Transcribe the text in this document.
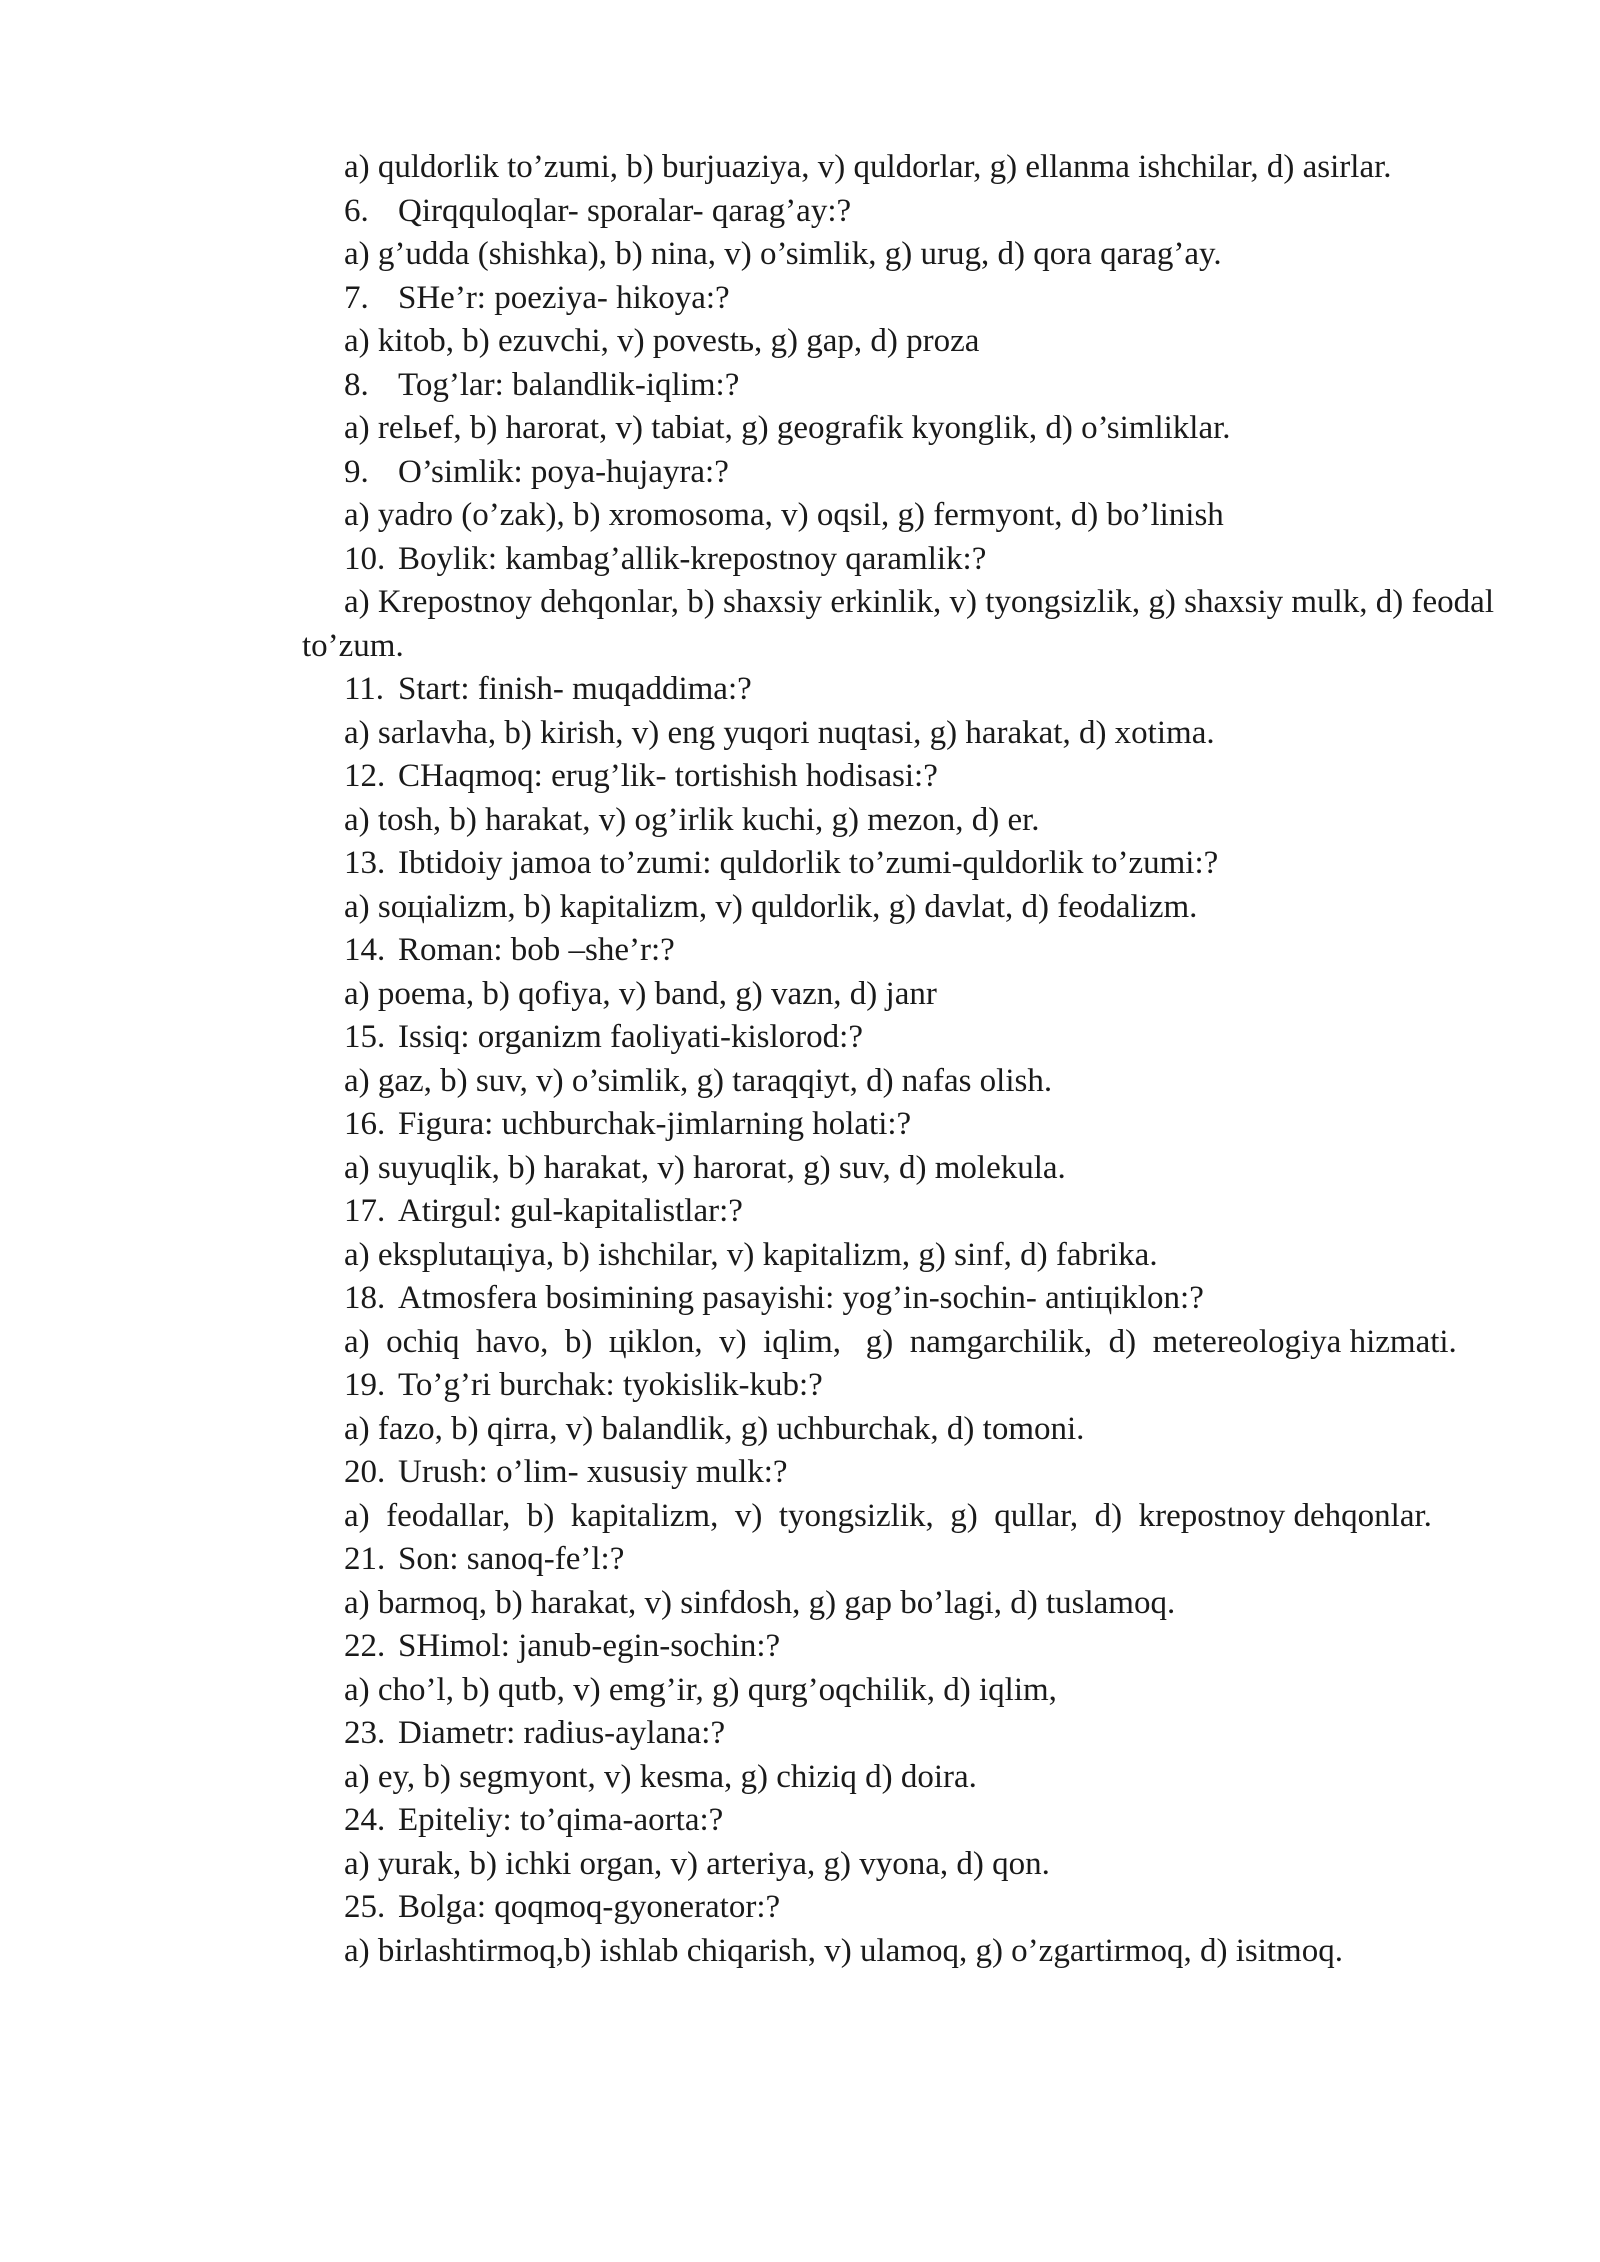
a) quldorlik to’zumi, b) burjuaziya, v) quldorlar, g) ellanma ishchilar, d) asirlar.

6. Qirqquloqlar- sporalar- qarag’ay:?

a) g’udda (shishka), b) nina, v) o’simlik, g) urug, d) qora qarag’ay.

7. SHe’r: poeziya- hikoya:?

a) kitob, b) ezuvchi, v) povestь, g) gap, d) proza

8. Tog’lar: balandlik-iqlim:?

a) relьef, b) harorat, v) tabiat, g) geografik kyonglik, d) o’simliklar.

9. O’simlik: poya-hujayra:?

a) yadro (o’zak), b) xromosoma, v) oqsil, g) fermyont, d) bo’linish

10. Boylik: kambag’allik-krepostnoy qaramlik:?

a) Krepostnoy dehqonlar, b) shaxsiy erkinlik, v) tyongsizlik, g) shaxsiy mulk, d) feodal to’zum.

11. Start: finish- muqaddima:?

a) sarlavha, b) kirish, v) eng yuqori nuqtasi, g) harakat, d) xotima.

12. CHaqmoq: erug’lik- tortishish hodisasi:?

a) tosh, b) harakat, v) og’irlik kuchi, g) mezon, d) er.

13. Ibtidoiy jamoa to’zumi: quldorlik to’zumi-quldorlik to’zumi:?

a) soцializm, b) kapitalizm, v) quldorlik, g) davlat, d) feodalizm.

14. Roman: bob –she’r:?

a) poema, b) qofiya, v) band, g) vazn, d) janr

15. Issiq: organizm faoliyati-kislorod:?

a) gaz, b) suv, v) o’simlik, g) taraqqiyt, d) nafas olish.

16. Figura: uchburchak-jimlarning holati:?

a) suyuqlik, b) harakat, v) harorat, g) suv, d) molekula.

17. Atirgul: gul-kapitalistlar:?

a) eksplutaцiya, b) ishchilar, v) kapitalizm, g) sinf, d) fabrika.

18. Atmosfera bosimining pasayishi: yog’in-sochin- antiцiklon:?

a)  ochiq  havo,  b)  цiklon,  v)  iqlim,   g)  namgarchilik,  d)  metereologiya hizmati.

19. To’g’ri burchak: tyokislik-kub:?

a) fazo, b) qirra, v) balandlik, g) uchburchak, d) tomoni.

20. Urush: o’lim- xususiy mulk:?

a)  feodallar,  b)  kapitalizm,  v)  tyongsizlik,  g)  qullar,  d)  krepostnoy dehqonlar.

21. Son: sanoq-fe’l:?

a) barmoq, b) harakat, v) sinfdosh, g) gap bo’lagi, d) tuslamoq.

22. SHimol: janub-egin-sochin:?

a) cho’l, b) qutb, v) emg’ir, g) qurg’oqchilik, d) iqlim,

23. Diametr: radius-aylana:?

a) ey, b) segmyont, v) kesma, g) chiziq d) doira.

24. Epiteliy: to’qima-aorta:?

a) yurak, b) ichki organ, v) arteriya, g) vyona, d) qon.

25. Bolga: qoqmoq-gyonerator:?

a) birlashtirmoq,b) ishlab chiqarish, v) ulamoq, g) o’zgartirmoq, d) isitmoq.
